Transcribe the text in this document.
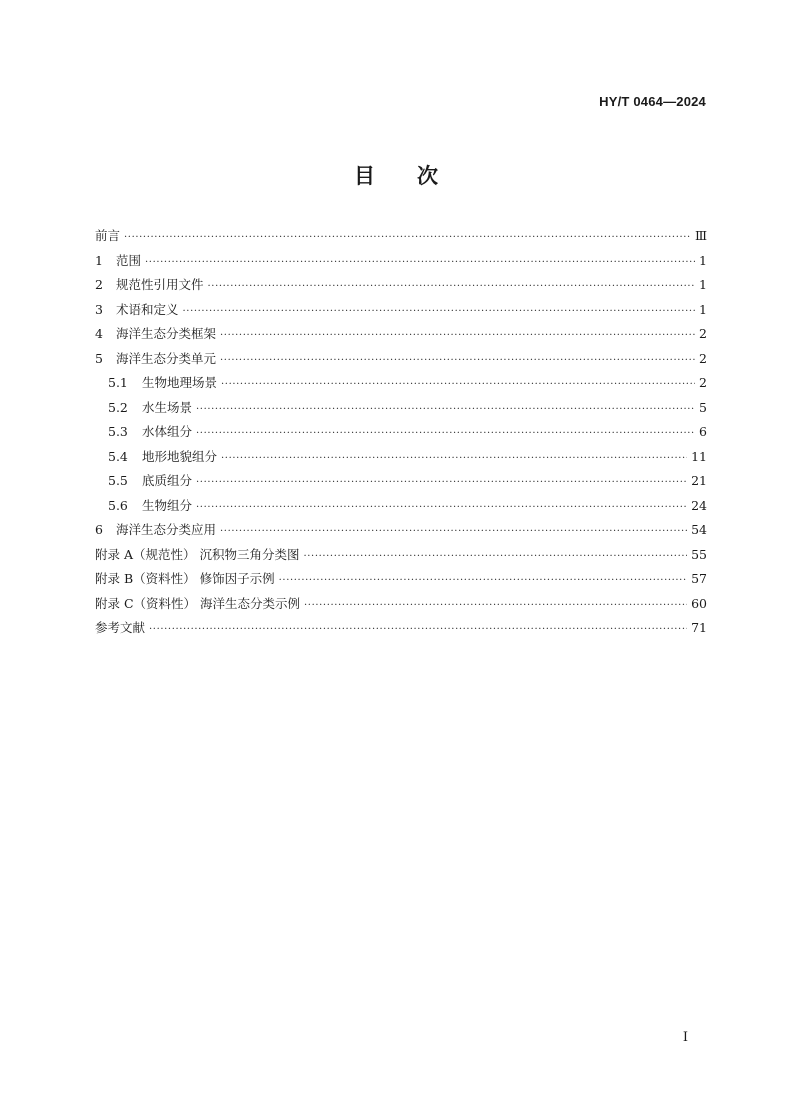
HY/T 0464—2024
目次
前言 ·····	Ⅲ
1	范围 ·····	1
2	规范性引用文件 ·····	1
3	术语和定义 ·····	1
4	海洋生态分类框架 ·····	2
5	海洋生态分类单元 ·····	2
5.1	生物地理场景 ·····	2
5.2	水生场景 ·····	5
5.3	水体组分 ·····	6
5.4	地形地貌组分 ·····	11
5.5	底质组分 ·····	21
5.6	生物组分 ·····	24
6	海洋生态分类应用 ·····	54
附录 A（规范性） 沉积物三角分类图 ·····	55
附录 B（资料性） 修饰因子示例 ·····	57
附录 C（资料性） 海洋生态分类示例 ·····	60
参考文献 ·····	71
Ⅰ
